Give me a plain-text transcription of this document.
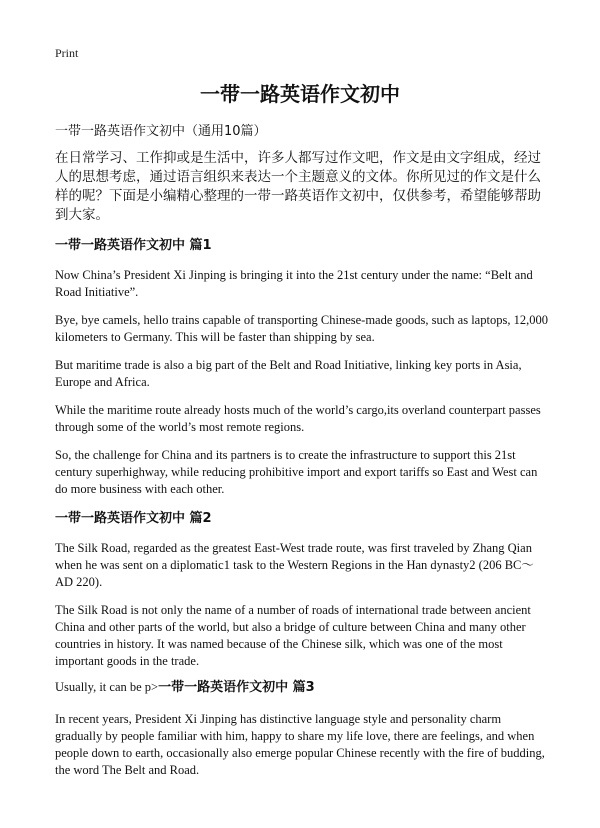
Print
一带一路英语作文初中
一带一路英语作文初中（通用10篇）

在日常学习、工作抑或是生活中，许多人都写过作文吧，作文是由文字组成，经过人的思想考虑，通过语言组织来表达一个主题意义的文体。你所见过的作文是什么样的呢？下面是小编精心整理的一带一路英语作文初中，仅供参考，希望能够帮助到大家。

一带一路英语作文初中 篇1

Now China’s President Xi Jinping is bringing it into the 21st century under the name: “Belt and Road Initiative”.

Bye, bye camels, hello trains capable of transporting Chinese-made goods, such as laptops, 12,000 kilometers to Germany. This will be faster than shipping by sea.

But maritime trade is also a big part of the Belt and Road Initiative, linking key ports in Asia, Europe and Africa.

While the maritime route already hosts much of the world’s cargo,its overland counterpart passes through some of the world’s most remote regions.

So, the challenge for China and its partners is to create the infrastructure to support this 21st century superhighway, while reducing prohibitive import and export tariffs so East and West can do more business with each other.

一带一路英语作文初中 篇2

The Silk Road, regarded as the greatest East-West trade route, was first traveled by Zhang Qian when he was sent on a diplomatic1 task to the Western Regions in the Han dynasty2 (206 BC～AD 220).

The Silk Road is not only the name of a number of roads of international trade between ancient China and other parts of the world, but also a bridge of culture between China and many other countries in history. It was named because of the Chinese silk, which was one of the most important goods in the trade.

Usually, it can be p>一带一路英语作文初中 篇3

In recent years, President Xi Jinping has distinctive language style and personality charm gradually by people familiar with him, happy to share my life love, there are feelings, and when people down to earth, occasionally also emerge popular Chinese recently with the fire of budding, the word The Belt and Road.
